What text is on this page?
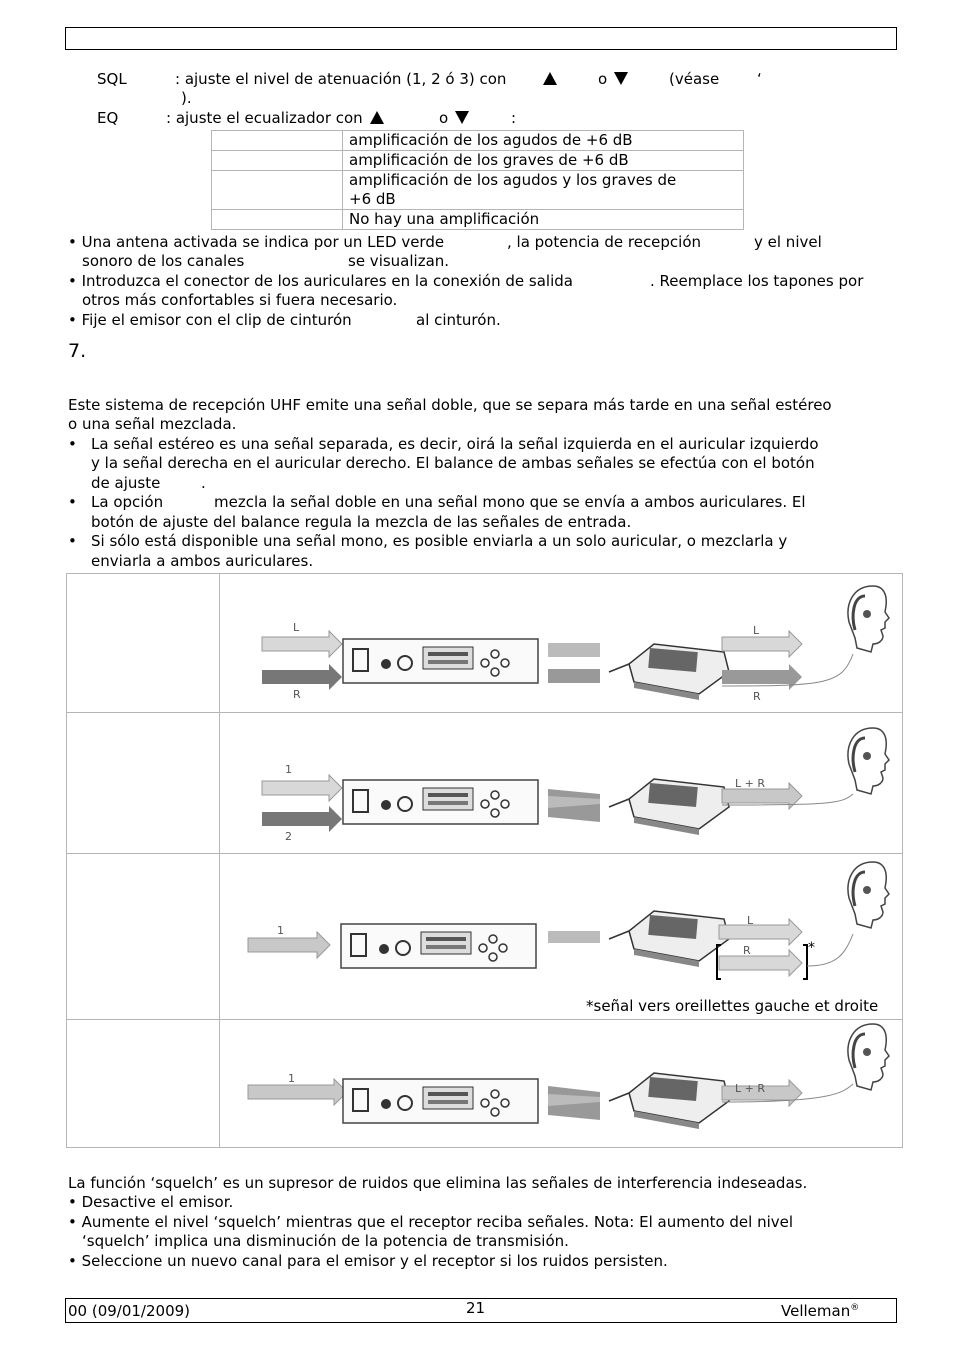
SQL	: ajuste el nivel de atenuación (1, 2 ó 3) con	o	(véase	‘
).
EQ	: ajuste el ecualizador con	o	:
	amplificación de los agudos de +6 dB
	amplificación de los graves de +6 dB

	amplificación de los agudos y los graves de
+6 dB

	No hay una amplificación
• Una antena activada se indica por un LED verde	, la potencia de recepción	y el nivel
sonoro de los canales	se visualizan.
• Introduzca el conector de los auriculares en la conexión de salida	. Reemplace los tapones por
otros más confortables si fuera necesario.
• Fije el emisor con el clip de cinturón	al cinturón.
7.
Este sistema de recepción UHF emite una señal doble, que se separa más tarde en una señal estéreo
o una señal mezclada.
• La señal estéreo es una señal separada, es decir, oirá la señal izquierda en el auricular izquierdo
y la señal derecha en el auricular derecho. El balance de ambas señales se efectúa con el botón
de ajuste	.
• La opción	mezcla la señal doble en una señal mono que se envía a ambos auriculares. El
botón de ajuste del balance regula la mezcla de las señales de entrada.
• Si sólo está disponible una señal mono, es posible enviarla a un solo auricular, o mezclarla y
enviarla a ambos auriculares.
L
R
L
R
1
2
L + R
1
L
R	*
*señal vers oreillettes gauche et droite
1
L + R
La función ‘squelch’ es un supresor de ruidos que elimina las señales de interferencia indeseadas.
• Desactive el emisor.
• Aumente el nivel ‘squelch’ mientras que el receptor reciba señales. Nota: El aumento del nivel
‘squelch’ implica una disminución de la potencia de transmisión.
• Seleccione un nuevo canal para el emisor y el receptor si los ruidos persisten.
00 (09/01/2009)	21	Velleman®
